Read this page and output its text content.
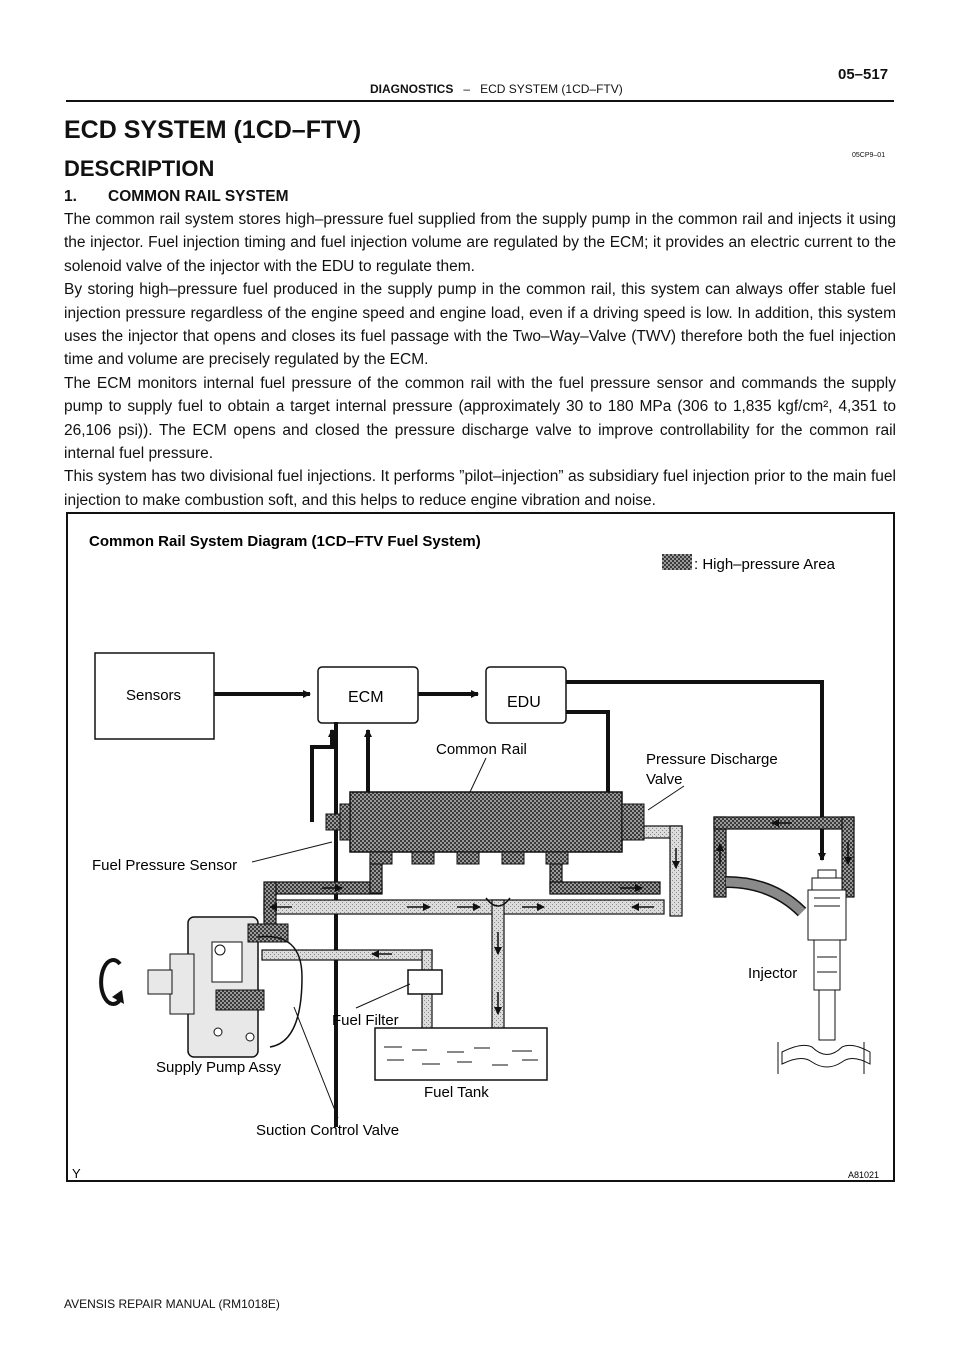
DIAGNOSTICS – ECD SYSTEM (1CD–FTV)
05–517
ECD SYSTEM (1CD–FTV)
05CP9–01
DESCRIPTION
1. COMMON RAIL SYSTEM

The common rail system stores high–pressure fuel supplied from the supply pump in the common rail and injects it using the injector. Fuel injection timing and fuel injection volume are regulated by the ECM; it provides an electric current to the solenoid valve of the injector with the EDU to regulate them.

By storing high–pressure fuel produced in the supply pump in the common rail, this system can always offer stable fuel injection pressure regardless of the engine speed and engine load, even if a driving speed is low. In addition, this system uses the injector that opens and closes its fuel passage with the Two–Way–Valve (TWV) therefore both the fuel injection time and volume are precisely regulated by the ECM.

The ECM monitors internal fuel pressure of the common rail with the fuel pressure sensor and commands the supply pump to supply fuel to obtain a target internal pressure (approximately 30 to 180 MPa (306 to 1,835 kgf/cm², 4,351 to 26,106 psi)). The ECM opens and closed the pressure discharge valve to improve controllability for the common rail internal fuel pressure.

This system has two divisional fuel injections. It performs ”pilot–injection” as subsidiary fuel injection prior to the main fuel injection to make combustion soft, and this helps to reduce engine vibration and noise.

Common Rail System Diagram (1CD–FTV Fuel System)
: High–pressure Area
Sensors	ECM	EDU
Common Rail
Pressure Discharge
Valve
Fuel Pressure Sensor
Injector
Fuel Filter
Supply Pump Assy
Fuel Tank
Suction Control Valve
Y	A81021
AVENSIS REPAIR MANUAL (RM1018E)
